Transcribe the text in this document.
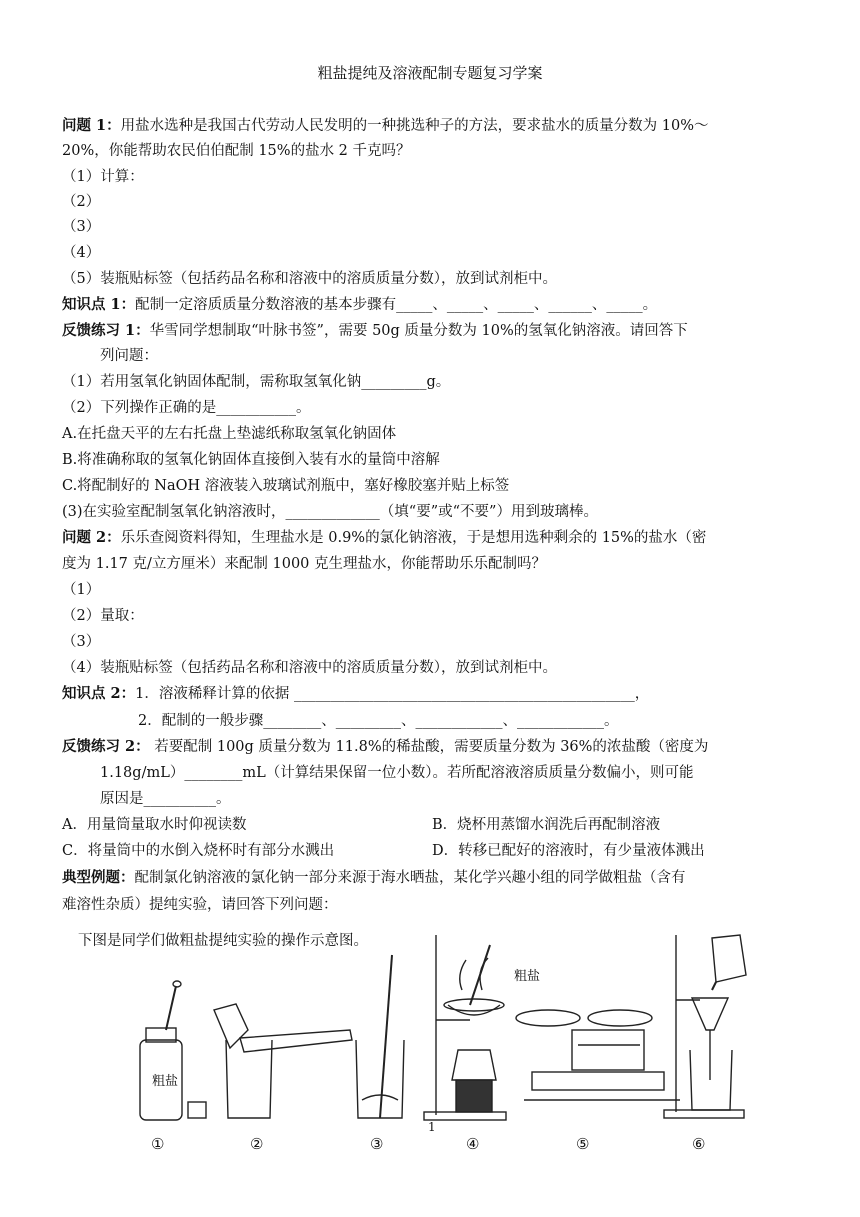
粗盐提纯及溶液配制专题复习学案
问题 1：用盐水选种是我国古代劳动人民发明的一种挑选种子的方法，要求盐水的质量分数为 10%～
20%，你能帮助农民伯伯配制 15%的盐水 2 千克吗？
（1）计算：
（2）
（3）
（4）
（5）装瓶贴标签（包括药品名称和溶液中的溶质质量分数），放到试剂柜中。
知识点 1：配制一定溶质质量分数溶液的基本步骤有_____、_____、_____、______、_____。
反馈练习 1：华雪同学想制取“叶脉书签”，需要 50g 质量分数为 10%的氢氧化钠溶液。请回答下
列问题：
（1）若用氢氧化钠固体配制，需称取氢氧化钠_________g。
（2）下列操作正确的是___________。
A.在托盘天平的左右托盘上垫滤纸称取氢氧化钠固体
B.将准确称取的氢氧化钠固体直接倒入装有水的量筒中溶解
C.将配制好的 NaOH 溶液装入玻璃试剂瓶中，塞好橡胶塞并贴上标签
(3)在实验室配制氢氧化钠溶液时，_____________（填“要”或“不要”）用到玻璃棒。
问题 2：乐乐查阅资料得知，生理盐水是 0.9%的氯化钠溶液，于是想用选种剩余的 15%的盐水（密
度为 1.17 克/立方厘米）来配制 1000 克生理盐水，你能帮助乐乐配制吗？
（1）
（2）量取：
（3）
（4）装瓶贴标签（包括药品名称和溶液中的溶质质量分数），放到试剂柜中。
知识点 2：1．溶液稀释计算的依据 _______________________________________________，
2．配制的一般步骤________、_________、____________、____________。
反馈练习 2： 若要配制 100g 质量分数为 11.8%的稀盐酸，需要质量分数为 36%的浓盐酸（密度为
1.18g/mL）________mL（计算结果保留一位小数）。若所配溶液溶质质量分数偏小，则可能
原因是__________。
A．用量筒量取水时仰视读数	B．烧杯用蒸馏水润洗后再配制溶液
C．将量筒中的水倒入烧杯时有部分水溅出	D．转移已配好的溶液时，有少量液体溅出
典型例题：配制氯化钠溶液的氯化钠一部分来源于海水晒盐，某化学兴趣小组的同学做粗盐（含有
难溶性杂质）提纯实验，请回答下列问题：
下图是同学们做粗盐提纯实验的操作示意图。
粗盐
粗盐
1
①	②	③	④	⑤	⑥
